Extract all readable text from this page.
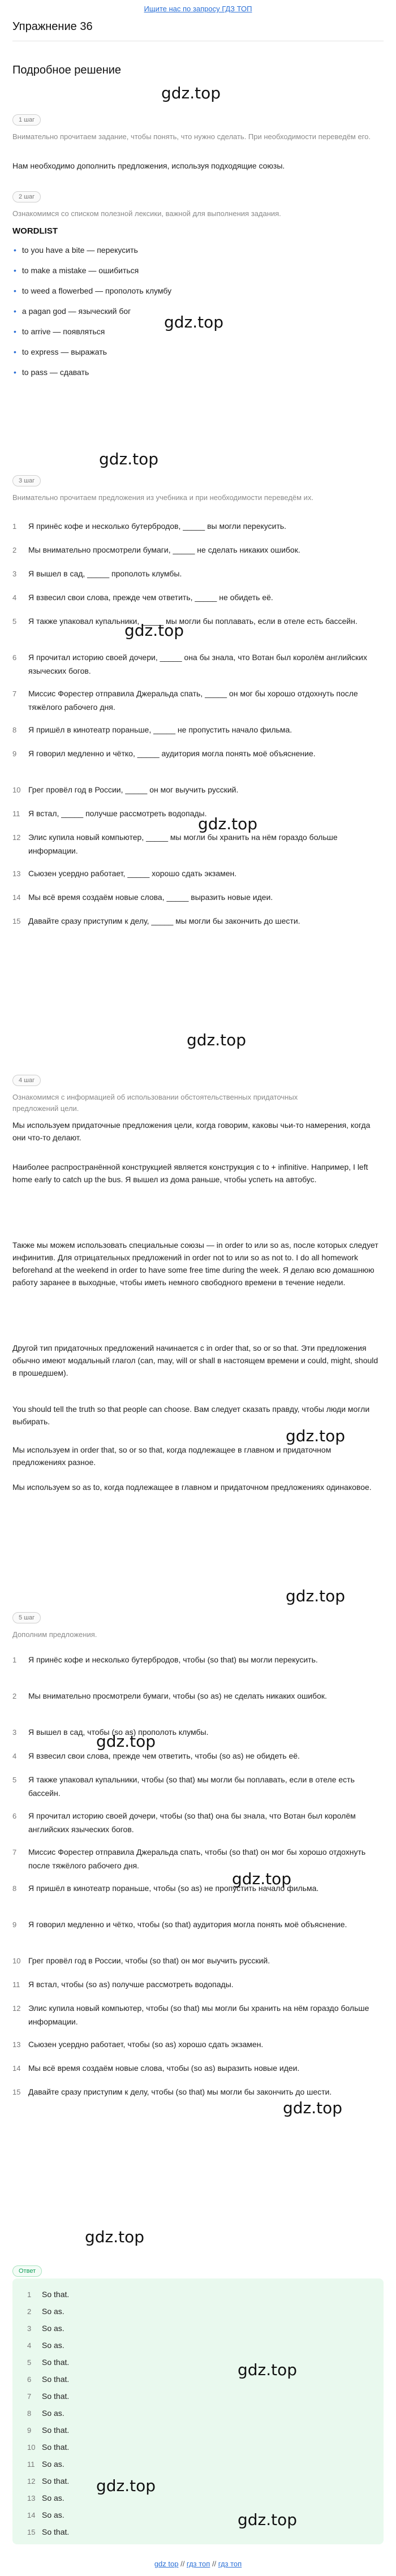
Ищите нас по запросу ГДЗ ТОП
Упражнение 36
Подробное решение
gdz.top
1 шаг
Внимательно прочитаем задание, чтобы понять, что нужно сделать. При необходимости переведём его.
Нам необходимо дополнить предложения, используя подходящие союзы.
2 шаг
Ознакомимся со списком полезной лексики, важной для выполнения задания.
WORDLIST
• to you have a bite — перекусить
• to make a mistake — ошибиться
• to weed a flowerbed — прополоть клумбу
• a pagan god — языческий бог
• to arrive — появляться
• to express — выражать
• to pass — сдавать
gdz.top
gdz.top
3 шаг
Внимательно прочитаем предложения из учебника и при необходимости переведём их.
1 Я принёс кофе и несколько бутербродов, _____ вы могли перекусить.
2 Мы внимательно просмотрели бумаги, _____ не сделать никаких ошибок.
3 Я вышел в сад, _____ прополоть клумбы.
4 Я взвесил свои слова, прежде чем ответить, _____ не обидеть её.
5 Я также упаковал купальники, _____ мы могли бы поплавать, если в отеле есть бассейн.
6 Я прочитал историю своей дочери, _____ она бы знала, что Вотан был королём английских языческих богов.
7 Миссис Форестер отправила Джеральда спать, _____ он мог бы хорошо отдохнуть после тяжёлого рабочего дня.
8 Я пришёл в кинотеатр пораньше, _____ не пропустить начало фильма.
9 Я говорил медленно и чётко, _____ аудитория могла понять моё объяснение.
10 Грег провёл год в России, _____ он мог выучить русский.
11 Я встал, _____ получше рассмотреть водопады.
12 Элис купила новый компьютер, _____ мы могли бы хранить на нём гораздо больше информации.
13 Сьюзен усердно работает, _____ хорошо сдать экзамен.
14 Мы всё время создаём новые слова, _____ выразить новые идеи.
15 Давайте сразу приступим к делу, _____ мы могли бы закончить до шести.
gdz.top
gdz.top
gdz.top
4 шаг
Ознакомимся с информацией об использовании обстоятельственных придаточных предложений цели.
Мы используем придаточные предложения цели, когда говорим, каковы чьи-то намерения, когда они что-то делают.
Наиболее распространённой конструкцией является конструкция с to + infinitive. Например, I left home early to catch up the bus. Я вышел из дома раньше, чтобы успеть на автобус.
Также мы можем использовать специальные союзы — in order to или so as, после которых следует инфинитив. Для отрицательных предложений in order not to или so as not to. I do all homework beforehand at the weekend in order to have some free time during the week. Я делаю всю домашнюю работу заранее в выходные, чтобы иметь немного свободного времени в течение недели.
Другой тип придаточных предложений начинается с in order that, so or so that. Эти предложения обычно имеют модальный глагол (can, may, will or shall в настоящем времени и could, might, should в прошедшем).
You should tell the truth so that people can choose. Вам следует сказать правду, чтобы люди могли выбирать.
Мы используем in order that, so or so that, когда подлежащее в главном и придаточном предложениях разное.
Мы используем so as to, когда подлежащее в главном и придаточном предложениях одинаковое.
gdz.top
gdz.top
5 шаг
Дополним предложения.
1 Я принёс кофе и несколько бутербродов, чтобы (so that) вы могли перекусить.
2 Мы внимательно просмотрели бумаги, чтобы (so as) не сделать никаких ошибок.
3 Я вышел в сад, чтобы (so as) прополоть клумбы.
4 Я взвесил свои слова, прежде чем ответить, чтобы (so as) не обидеть её.
5 Я также упаковал купальники, чтобы (so that) мы могли бы поплавать, если в отеле есть бассейн.
6 Я прочитал историю своей дочери, чтобы (so that) она бы знала, что Вотан был королём английских языческих богов.
7 Миссис Форестер отправила Джеральда спать, чтобы (so that) он мог бы хорошо отдохнуть после тяжёлого рабочего дня.
8 Я пришёл в кинотеатр пораньше, чтобы (so as) не пропустить начало фильма.
9 Я говорил медленно и чётко, чтобы (so that) аудитория могла понять моё объяснение.
10 Грег провёл год в России, чтобы (so that) он мог выучить русский.
11 Я встал, чтобы (so as) получше рассмотреть водопады.
12 Элис купила новый компьютер, чтобы (so that) мы могли бы хранить на нём гораздо больше информации.
13 Сьюзен усердно работает, чтобы (so as) хорошо сдать экзамен.
14 Мы всё время создаём новые слова, чтобы (so as) выразить новые идеи.
15 Давайте сразу приступим к делу, чтобы (so that) мы могли бы закончить до шести.
gdz.top
gdz.top
gdz.top
gdz.top
Ответ
1 So that.
2 So as.
3 So as.
4 So as.
5 So that.
6 So that.
7 So that.
8 So as.
9 So that.
10 So that.
11 So as.
12 So that.
13 So as.
14 So as.
15 So that.
gdz.top
gdz.top
gdz.top
gdz top // гдз топ // гдз топ
